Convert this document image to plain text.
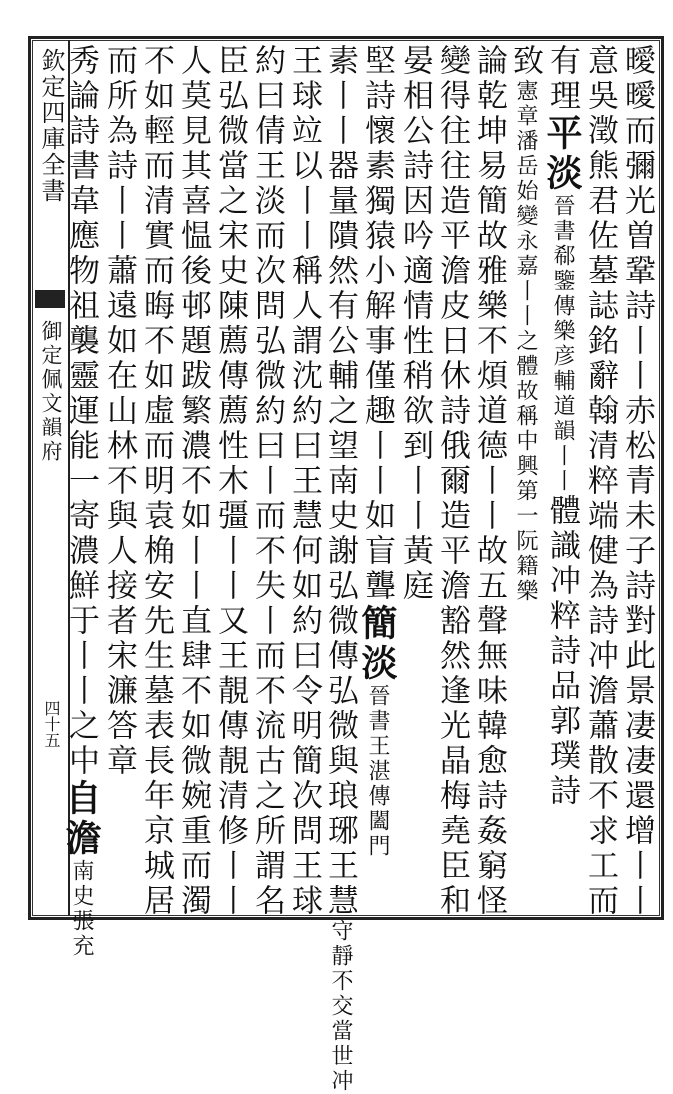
欽定四庫全書
御定佩文韻府
四十五	曖曖而彌光曽鞏詩丨丨赤松青未子詩對此景凄凄還增丨丨
意吳澂熊君佐墓誌銘辭翰清粹端健為詩冲澹蕭散不求工而
有理平淡晉書郗鑒傳樂彦輔道韻丨丨體識冲粹詩品郭璞詩
致憲章潘岳始變永嘉丨丨之體故稱中興第一阮籍樂
論乾坤易簡故雅樂不煩道德丨丨故五聲無味韓愈詩姦窮怪
變得往往造平澹皮日休詩俄爾造平澹豁然逢光晶梅堯臣和
晏相公詩因吟適情性稍欲到丨丨黃庭
堅詩懷素獨猿小解事僅趣丨丨如盲聾簡淡晉書王湛傳闔門
素丨丨器量隤然有公輔之望南史謝弘微傳弘微與琅琊王慧守靜不交當世冲
王球竝以丨丨稱人謂沈約曰王慧何如約曰令明簡次問王球
約曰倩王淡而次問弘微約曰丨而不失丨而不流古之所謂名
臣弘微當之宋史陳薦傳薦性木彊丨丨又王靚傳靚清修丨丨
人莫見其喜愠後邨題跋繁濃不如丨丨直肆不如微婉重而濁
不如輕而清實而晦不如虛而明袁桷安先生墓表長年京城居
而所為詩丨丨蕭遠如在山林不與人接者宋濂答章
秀論詩書韋應物祖襲靈運能一寄濃鮮于丨丨之中自澹南史張充
